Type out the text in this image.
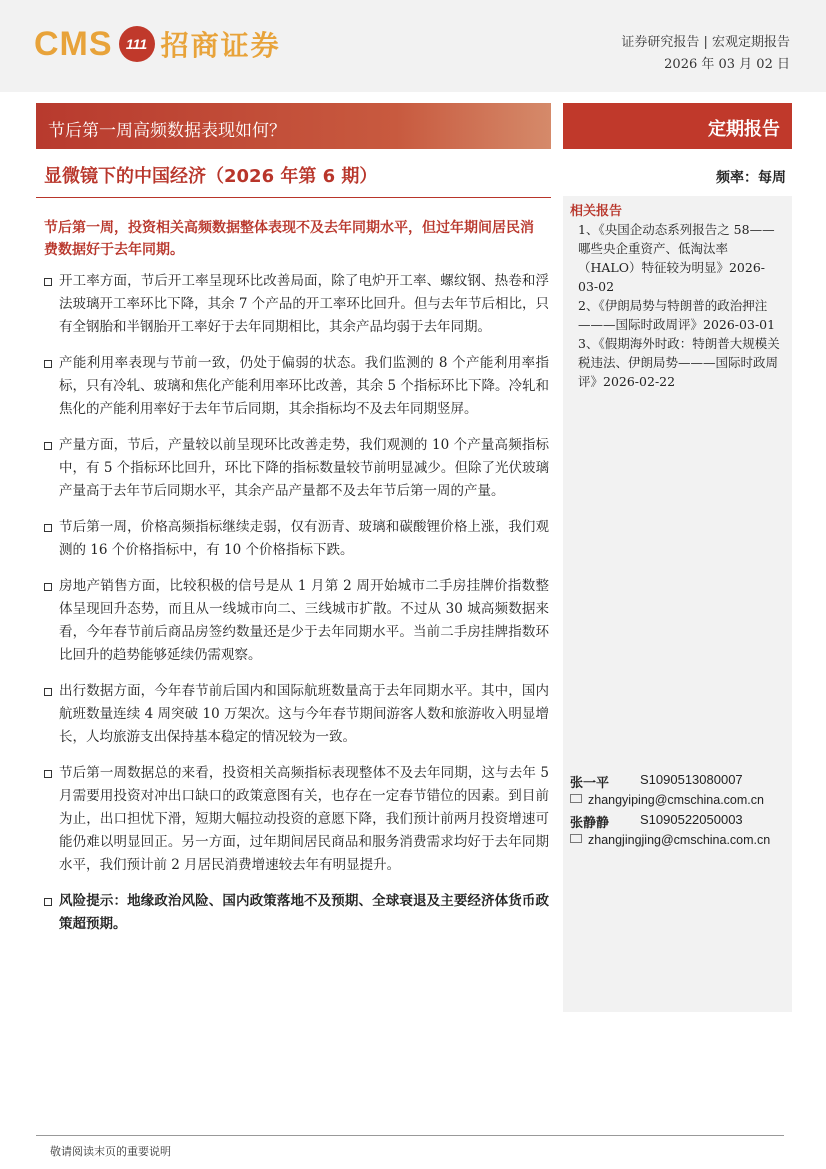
CMS 111 招商证券	证券研究报告 | 宏观定期报告
2026 年 03 月 02 日
节后第一周高频数据表现如何？	定期报告
显微镜下的中国经济（2026 年第 6 期）	频率：每周
节后第一周，投资相关高频数据整体表现不及去年同期水平，但过年期间居民消费数据好于去年同期。
开工率方面，节后开工率呈现环比改善局面，除了电炉开工率、螺纹钢、热卷和浮法玻璃开工率环比下降，其余 7 个产品的开工率环比回升。但与去年节后相比，只有全钢胎和半钢胎开工率好于去年同期相比，其余产品均弱于去年同期。
产能利用率表现与节前一致，仍处于偏弱的状态。我们监测的 8 个产能利用率指标，只有冷轧、玻璃和焦化产能利用率环比改善，其余 5 个指标环比下降。冷轧和焦化的产能利用率好于去年节后同期，其余指标均不及去年同期竖屏。
产量方面，节后，产量较以前呈现环比改善走势，我们观测的 10 个产量高频指标中，有 5 个指标环比回升，环比下降的指标数量较节前明显减少。但除了光伏玻璃产量高于去年节后同期水平，其余产品产量都不及去年节后第一周的产量。
节后第一周，价格高频指标继续走弱，仅有沥青、玻璃和碳酸锂价格上涨，我们观测的 16 个价格指标中，有 10 个价格指标下跌。
房地产销售方面，比较积极的信号是从 1 月第 2 周开始城市二手房挂牌价指数整体呈现回升态势，而且从一线城市向二、三线城市扩散。不过从 30 城高频数据来看，今年春节前后商品房签约数量还是少于去年同期水平。当前二手房挂牌指数环比回升的趋势能够延续仍需观察。
出行数据方面，今年春节前后国内和国际航班数量高于去年同期水平。其中，国内航班数量连续 4 周突破 10 万架次。这与今年春节期间游客人数和旅游收入明显增长，人均旅游支出保持基本稳定的情况较为一致。
节后第一周数据总的来看，投资相关高频指标表现整体不及去年同期，这与去年 5 月需要用投资对冲出口缺口的政策意图有关，也存在一定春节错位的因素。到目前为止，出口担忧下滑，短期大幅拉动投资的意愿下降，我们预计前两月投资增速可能仍难以明显回正。另一方面，过年期间居民商品和服务消费需求均好于去年同期水平，我们预计前 2 月居民消费增速较去年有明显提升。
风险提示：地缘政治风险、国内政策落地不及预期、全球衰退及主要经济体货币政策超预期。
相关报告
1、《央国企动态系列报告之 58——哪些央企重资产、低淘汰率（HALO）特征较为明显》2026-03-02
2、《伊朗局势与特朗普的政治押注———国际时政周评》2026-03-01
3、《假期海外时政：特朗普大规模关税违法、伊朗局势———国际时政周评》2026-02-22
张一平 S1090513080007
zhangyiping@cmschina.com.cn
张静静 S1090522050003
zhangjingjing@cmschina.com.cn
敬请阅读末页的重要说明
